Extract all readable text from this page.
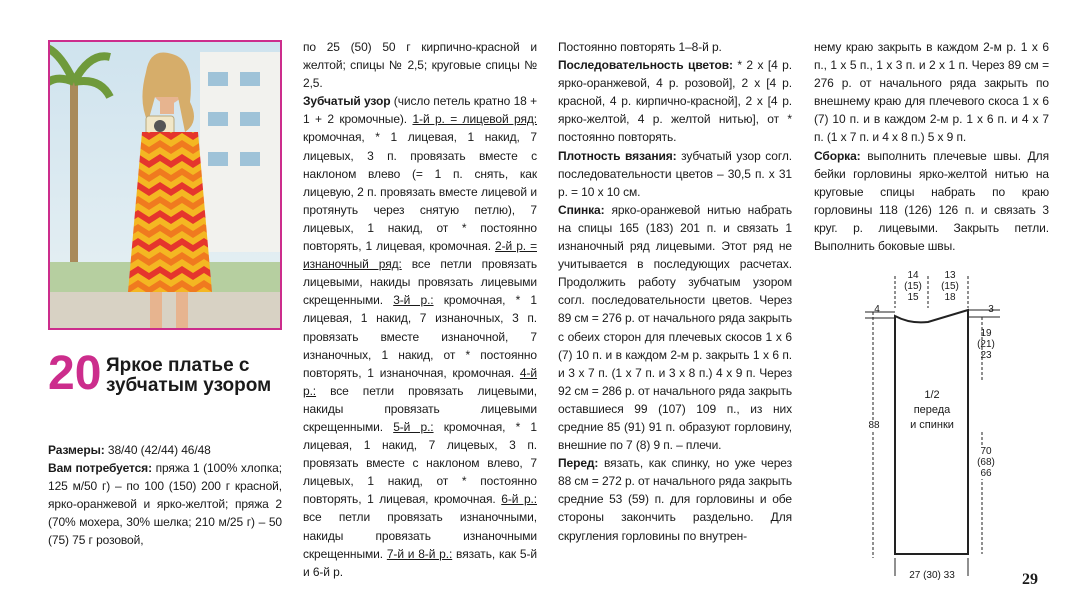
20 Яркое платье с зубчатым узором

Размеры: 38/40 (42/44) 46/48

Вам потребуется: пряжа 1 (100% хлопка; 125 м/50 г) – по 100 (150) 200 г красной, ярко-оранжевой и ярко-желтой; пряжа 2 (70% мохера, 30% шелка; 210 м/25 г) – 50 (75) 75 г розовой,

по 25 (50) 50 г кирпично-красной и желтой; спицы № 2,5; круговые спицы № 2,5.

Зубчатый узор (число петель кратно 18 + 1 + 2 кромочные). 1-й р. = лицевой ряд: кромочная, * 1 лицевая, 1 накид, 7 лицевых, 3 п. провязать вместе с наклоном влево (= 1 п. снять, как лицевую, 2 п. провязать вместе лицевой и протянуть через снятую петлю), 7 лицевых, 1 накид, от * постоянно повторять, 1 лицевая, кромочная. 2-й р. = изнаночный ряд: все петли провязать лицевыми, накиды провязать лицевыми скрещенными. 3-й р.: кромочная, * 1 лицевая, 1 накид, 7 изнаночных, 3 п. провязать вместе изнаночной, 7 изнаночных, 1 накид, от * постоянно повторять, 1 изнаночная, кромочная. 4-й р.: все петли провязать лицевыми, накиды провязать лицевыми скрещенными. 5-й р.: кромочная, * 1 лицевая, 1 накид, 7 лицевых, 3 п. провязать вместе с наклоном влево, 7 лицевых, 1 накид, от * постоянно повторять, 1 лицевая, кромочная. 6-й р.: все петли провязать изнаночными, накиды провязать изнаночными скрещенными. 7-й и 8-й р.: вязать, как 5-й и 6-й р.

Постоянно повторять 1–8-й р.

Последовательность цветов: * 2 х [4 р. ярко-оранжевой, 4 р. розовой], 2 х [4 р. красной, 4 р. кирпично-красной], 2 х [4 р. ярко-желтой, 4 р. желтой нитью], от * постоянно повторять.

Плотность вязания: зубчатый узор согл. последовательности цветов – 30,5 п. х 31 р. = 10 х 10 см.

Спинка: ярко-оранжевой нитью набрать на спицы 165 (183) 201 п. и связать 1 изнаночный ряд лицевыми. Этот ряд не учитывается в последующих расчетах. Продолжить работу зубчатым узором согл. последовательности цветов. Через 89 см = 276 р. от начального ряда закрыть с обеих сторон для плечевых скосов 1 х 6 (7) 10 п. и в каждом 2-м р. закрыть 1 х 6 п. и 3 х 7 п. (1 х 7 п. и 3 х 8 п.) 4 х 9 п. Через 92 см = 286 р. от начального ряда закрыть оставшиеся 99 (107) 109 п., из них средние 85 (91) 91 п. образуют горловину, внешние по 7 (8) 9 п. – плечи.

Перед: вязать, как спинку, но уже через 88 см = 272 р. от начального ряда закрыть средние 53 (59) п. для горловины и обе стороны закончить раздельно. Для скругления горловины по внутрен-

нему краю закрыть в каждом 2-м р. 1 х 6 п., 1 х 5 п., 1 х 3 п. и 2 х 1 п. Через 89 см = 276 р. от начального ряда закрыть по внешнему краю для плечевого скоса 1 х 6 (7) 10 п. и в каждом 2-м р. 1 х 6 п. и 4 х 7 п. (1 х 7 п. и 4 х 8 п.) 5 х 9 п.

Сборка: выполнить плечевые швы. Для бейки горловины ярко-желтой нитью на круговые спицы набрать по краю горловины 118 (126) 126 п. и связать 3 круг. р. лицевыми. Закрыть петли. Выполнить боковые швы.

14
(15)
15
13
(15)
18
4	3
19
(21)
23
1/2
переда
и спинки
88
70
(68)
66
27 (30) 33	29
